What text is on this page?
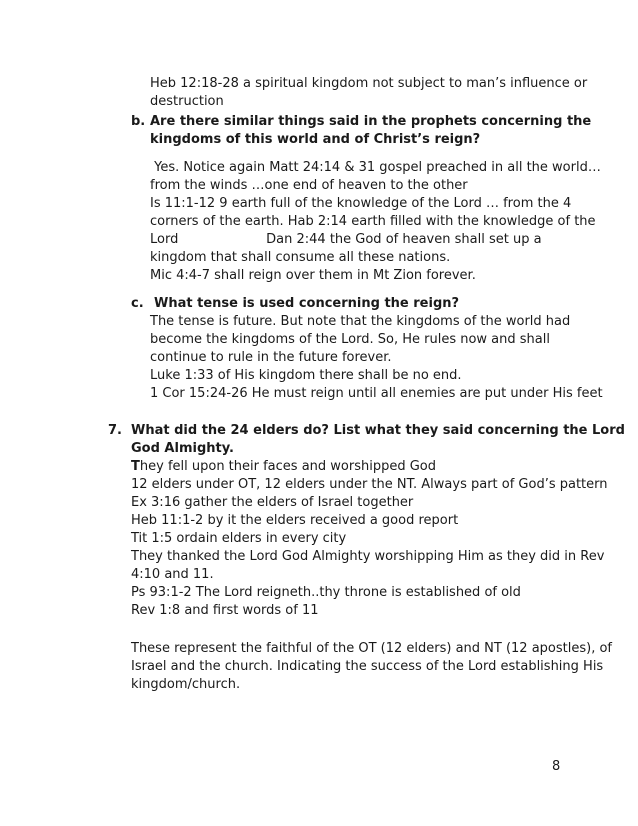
Heb 12:18-28 a spiritual kingdom not subject to man’s influence or
destruction
b. Are there similar things said in the prophets concerning the
kingdoms of this world and of Christ’s reign?
Yes. Notice again Matt 24:14 & 31 gospel preached in all the world…
from the winds …one end of heaven to the other
Is 11:1-12 9 earth full of the knowledge of the Lord … from the 4
corners of the earth. Hab 2:14 earth filled with the knowledge of the
Lord	Dan 2:44 the God of heaven shall set up a
kingdom that shall consume all these nations.
Mic 4:4-7 shall reign over them in Mt Zion forever.
c. What tense is used concerning the reign?
The tense is future. But note that the kingdoms of the world had
become the kingdoms of the Lord. So, He rules now and shall
continue to rule in the future forever.
Luke 1:33 of His kingdom there shall be no end.
1 Cor 15:24-26 He must reign until all enemies are put under His feet
7. What did the 24 elders do? List what they said concerning the Lord
God Almighty.
They fell upon their faces and worshipped God
12 elders under OT, 12 elders under the NT. Always part of God’s pattern
Ex 3:16 gather the elders of Israel together
Heb 11:1-2 by it the elders received a good report
Tit 1:5 ordain elders in every city
They thanked the Lord God Almighty worshipping Him as they did in Rev
4:10 and 11.
Ps 93:1-2 The Lord reigneth..thy throne is established of old
Rev 1:8 and first words of 11
These represent the faithful of the OT (12 elders) and NT (12 apostles), of
Israel and the church. Indicating the success of the Lord establishing His
kingdom/church.
8
